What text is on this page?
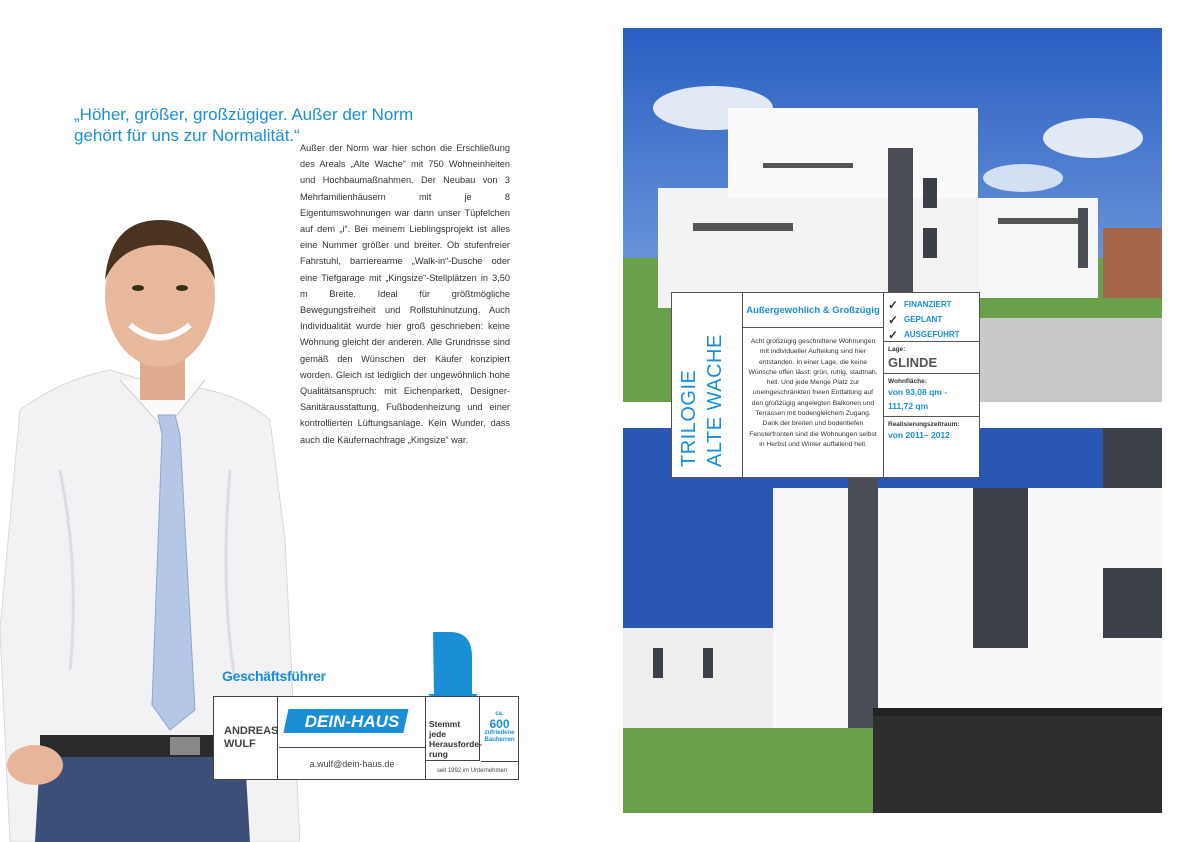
„Höher, größer, großzügiger. Außer der Norm gehört für uns zur Normalität.“

Außer der Norm war hier schon die Erschließung des Areals „Alte Wache“ mit 750 Wohneinheiten und Hochbaumaßnahmen. Der Neubau von 3 Mehrfamilienhäusern mit je 8 Eigentumswohnungen war dann unser Tüpfelchen auf dem „i“. Bei meinem Lieblingsprojekt ist alles eine Nummer größer und breiter. Ob stufenfreier Fahrstuhl, barrierearme „Walk-in“-Dusche oder eine Tiefgarage mit „Kingsize“-Stellplätzen in 3,50 m Breite. Ideal für größtmögliche Bewegungsfreiheit und Rollstuhlnutzung. Auch Individualität wurde hier groß geschrieben: keine Wohnung gleicht der anderen. Alle Grundrisse sind gemäß den Wünschen der Käufer konzipiert worden. Gleich ist lediglich der ungewöhnlich hohe Qualitätsanspruch: mit Eichenparkett, Designer-Sanitärausstattung, Fußbodenheizung und einer kontrollierten Lüftungsanlage. Kein Wunder, dass auch die Käufernachfrage „Kingsize“ war.

Geschäftsführer
ANDREAS
WULF
DEIN-HAUS
a.wulf@dein-haus.de
Stemmt jede
Herausforde-
rung
ca.
600
zufriedene
Bauherren
seit 1992 im Unternehmen
TRILOGIE ALTE WACHE
Außergewöhlich & Großzügig
Acht großzügig geschnittene Wohnungen mit individueller Aufteilung sind hier entstanden. In einer Lage, die keine Wünsche offen lässt: grün, ruhig, stadtnah, hell. Und jede Menge Platz zur uneingeschränkten freien Entfaltung auf den großzügig angelegten Balkonen und Terrassen mit bodengleichem Zugang. Dank der breiten und bodentiefen Fensterfronten sind die Wohnungen selbst in Herbst und Winter auffallend hell.
✓ FINANZIERT
✓ GEPLANT
✓ AUSGEFÜHRT
Lage:
GLINDE
Wohnfläche:
von 93,08 qm -
111,72 qm
Realisierungszeitraum:
von 2011– 2012
